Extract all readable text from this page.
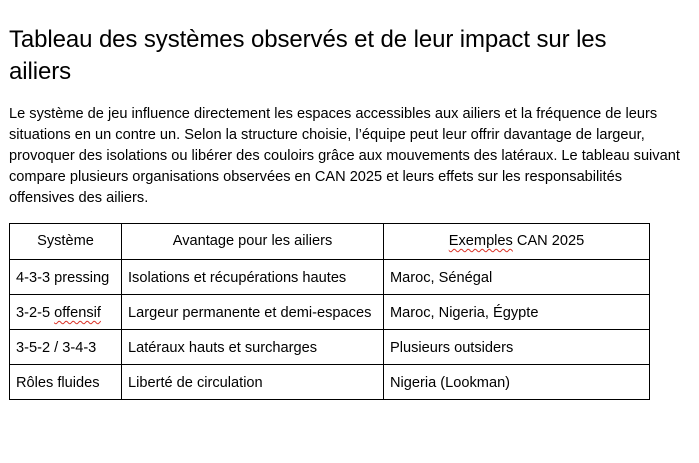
Tableau des systèmes observés et de leur impact sur les ailiers

Le système de jeu influence directement les espaces accessibles aux ailiers et la fréquence de leurs situations en un contre un. Selon la structure choisie, l’équipe peut leur offrir davantage de largeur, provoquer des isolations ou libérer des couloirs grâce aux mouvements des latéraux. Le tableau suivant compare plusieurs organisations observées en CAN 2025 et leurs effets sur les responsabilités offensives des ailiers.

Système	Avantage pour les ailiers	Exemples CAN 2025
4-3-3 pressing	Isolations et récupérations hautes	Maroc, Sénégal
3-2-5 offensif	Largeur permanente et demi-espaces	Maroc, Nigeria, Égypte
3-5-2 / 3-4-3	Latéraux hauts et surcharges	Plusieurs outsiders
Rôles fluides	Liberté de circulation	Nigeria (Lookman)
